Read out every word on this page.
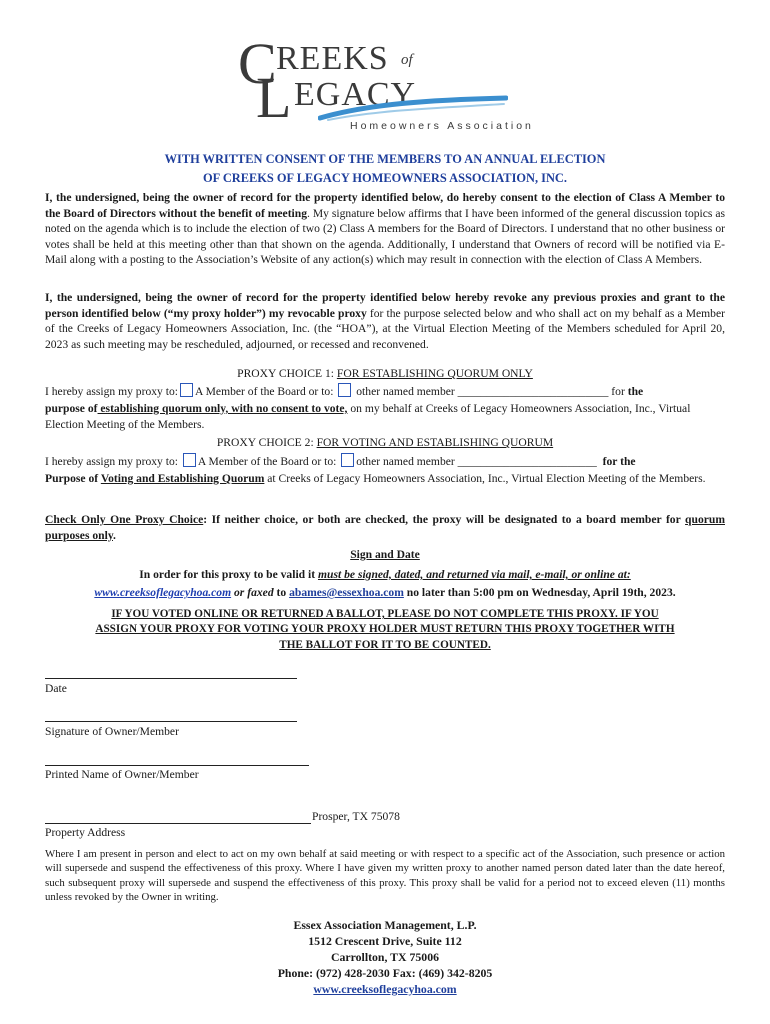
C REEKS of
L EGACY
Homeowners Association
WITH WRITTEN CONSENT OF THE MEMBERS TO AN ANNUAL ELECTION
OF CREEKS OF LEGACY HOMEOWNERS ASSOCIATION, INC.
I, the undersigned, being the owner of record for the property identified below, do hereby consent to the election of Class A Member to the Board of Directors without the benefit of meeting. My signature below affirms that I have been informed of the general discussion topics as noted on the agenda which is to include the election of two (2) Class A members for the Board of Directors. I understand that no other business or votes shall be held at this meeting other than that shown on the agenda. Additionally, I understand that Owners of record will be notified via E-Mail along with a posting to the Association’s Website of any action(s) which may result in connection with the election of Class A Members.
I, the undersigned, being the owner of record for the property identified below hereby revoke any previous proxies and grant to the person identified below (“my proxy holder”) my revocable proxy for the purpose selected below and who shall act on my behalf as a Member of the Creeks of Legacy Homeowners Association, Inc. (the “HOA”), at the Virtual Election Meeting of the Members scheduled for April 20, 2023 as such meeting may be rescheduled, adjourned, or recessed and reconvened.
PROXY CHOICE 1: FOR ESTABLISHING QUORUM ONLY
I hereby assign my proxy to: A Member of the Board or to: other named member __________________________ for the
purpose of establishing quorum only, with no consent to vote, on my behalf at Creeks of Legacy Homeowners Association, Inc., Virtual Election Meeting of the Members.
PROXY CHOICE 2: FOR VOTING AND ESTABLISHING QUORUM
I hereby assign my proxy to: A Member of the Board or to: other named member ________________________ for the
Purpose of Voting and Establishing Quorum at Creeks of Legacy Homeowners Association, Inc., Virtual Election Meeting of the Members.
Check Only One Proxy Choice: If neither choice, or both are checked, the proxy will be designated to a board member for quorum purposes only.
Sign and Date
In order for this proxy to be valid it must be signed, dated, and returned via mail, e-mail, or online at:
www.creeksoflegacyhoa.com or faxed to abames@essexhoa.com no later than 5:00 pm on Wednesday, April 19th, 2023.
IF YOU VOTED ONLINE OR RETURNED A BALLOT, PLEASE DO NOT COMPLETE THIS PROXY. IF YOU
ASSIGN YOUR PROXY FOR VOTING YOUR PROXY HOLDER MUST RETURN THIS PROXY TOGETHER WITH
THE BALLOT FOR IT TO BE COUNTED.
Date
Signature of Owner/Member
Printed Name of Owner/Member
Prosper, TX 75078
Property Address
Where I am present in person and elect to act on my own behalf at said meeting or with respect to a specific act of the Association, such presence or action will supersede and suspend the effectiveness of this proxy. Where I have given my written proxy to another named person dated later than the date hereof, such subsequent proxy will supersede and suspend the effectiveness of this proxy. This proxy shall be valid for a period not to exceed eleven (11) months unless revoked by the Owner in writing.
Essex Association Management, L.P.
1512 Crescent Drive, Suite 112
Carrollton, TX 75006
Phone: (972) 428-2030 Fax: (469) 342-8205
www.creeksoflegacyhoa.com
